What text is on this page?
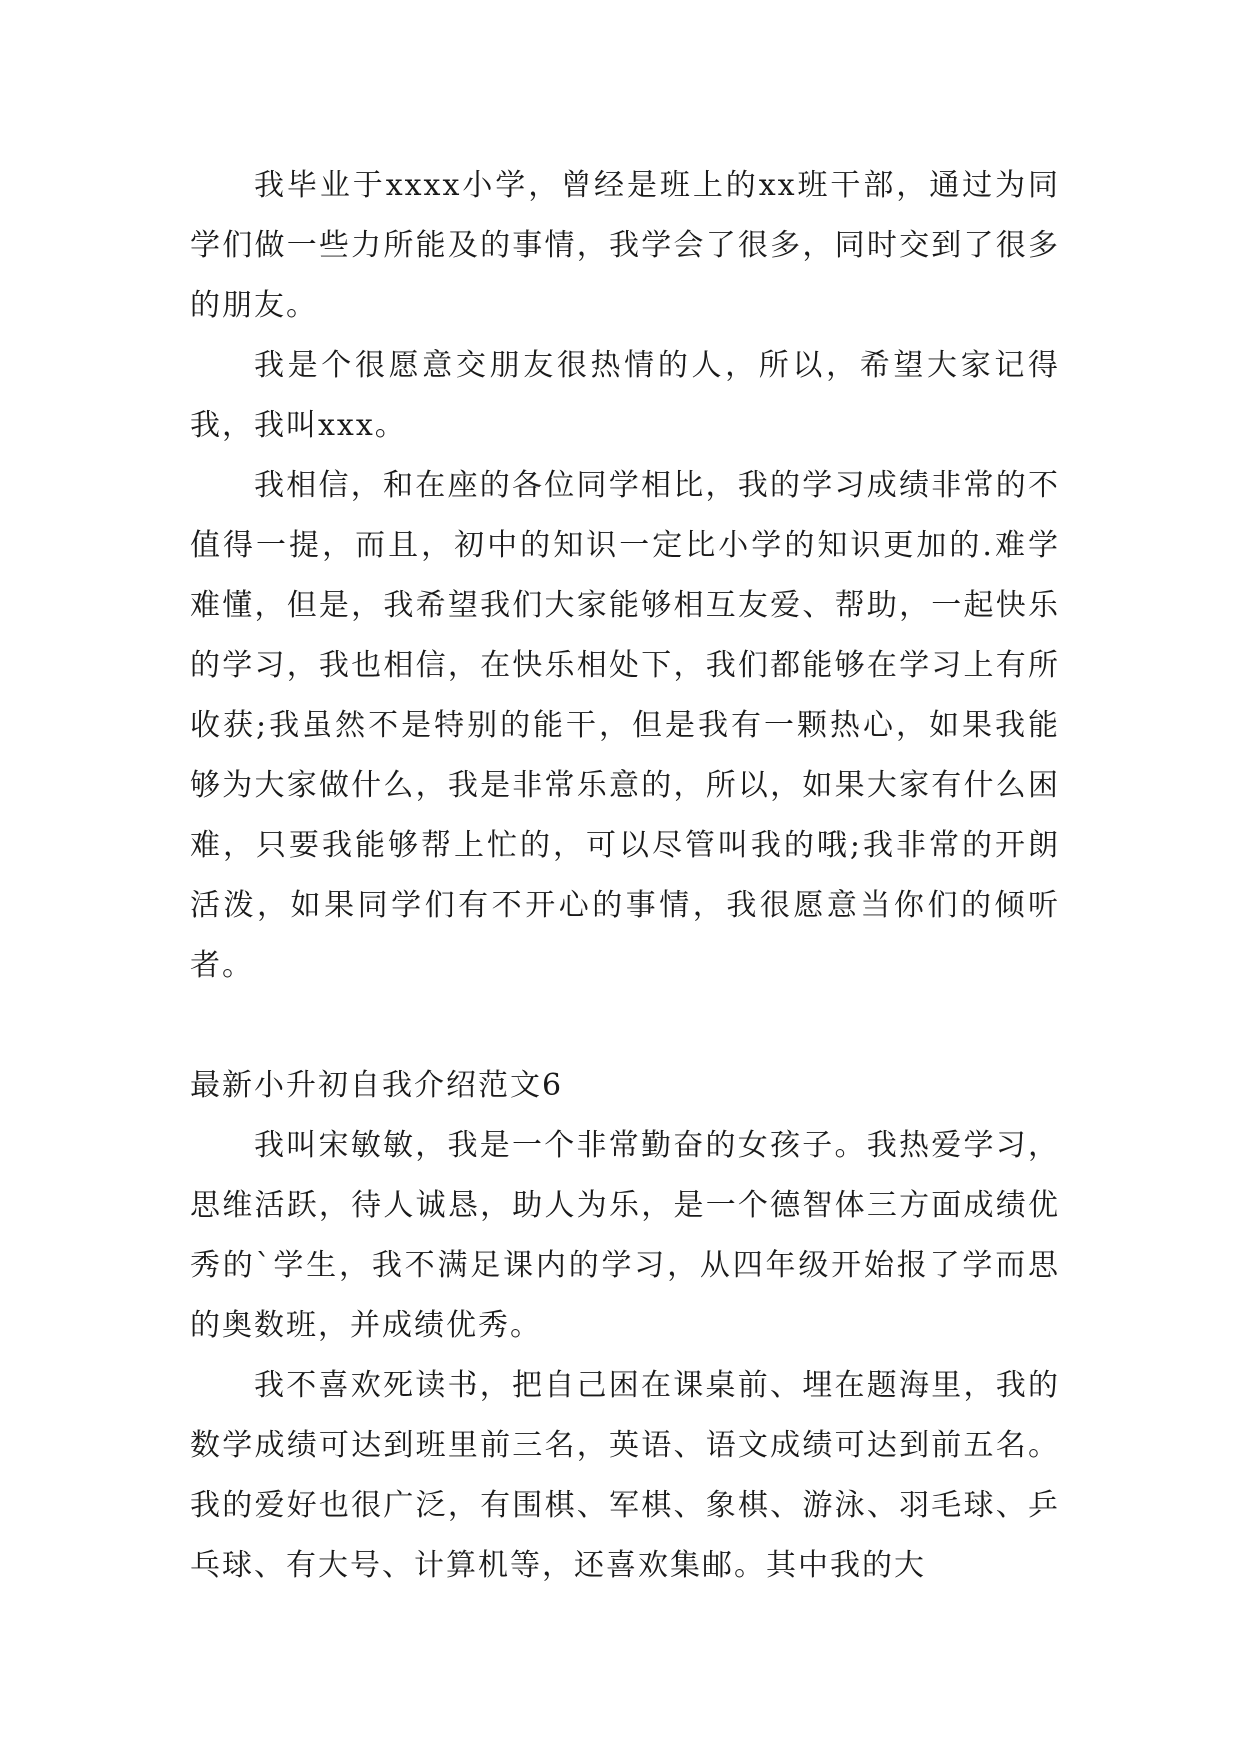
我毕业于xxxx小学，曾经是班上的xx班干部，通过为同学们做一些力所能及的事情，我学会了很多，同时交到了很多的朋友。

我是个很愿意交朋友很热情的人，所以，希望大家记得我，我叫xxx。

我相信，和在座的各位同学相比，我的学习成绩非常的不值得一提，而且，初中的知识一定比小学的知识更加的.难学难懂，但是，我希望我们大家能够相互友爱、帮助，一起快乐的学习，我也相信，在快乐相处下，我们都能够在学习上有所收获;我虽然不是特别的能干，但是我有一颗热心，如果我能够为大家做什么，我是非常乐意的，所以，如果大家有什么困难，只要我能够帮上忙的，可以尽管叫我的哦;我非常的开朗活泼，如果同学们有不开心的事情，我很愿意当你们的倾听者。

最新小升初自我介绍范文6

我叫宋敏敏，我是一个非常勤奋的女孩子。我热爱学习，思维活跃，待人诚恳，助人为乐，是一个德智体三方面成绩优秀的`学生，我不满足课内的学习，从四年级开始报了学而思的奥数班，并成绩优秀。

我不喜欢死读书，把自己困在课桌前、埋在题海里，我的数学成绩可达到班里前三名，英语、语文成绩可达到前五名。我的爱好也很广泛，有围棋、军棋、象棋、游泳、羽毛球、乒乓球、有大号、计算机等，还喜欢集邮。其中我的大
